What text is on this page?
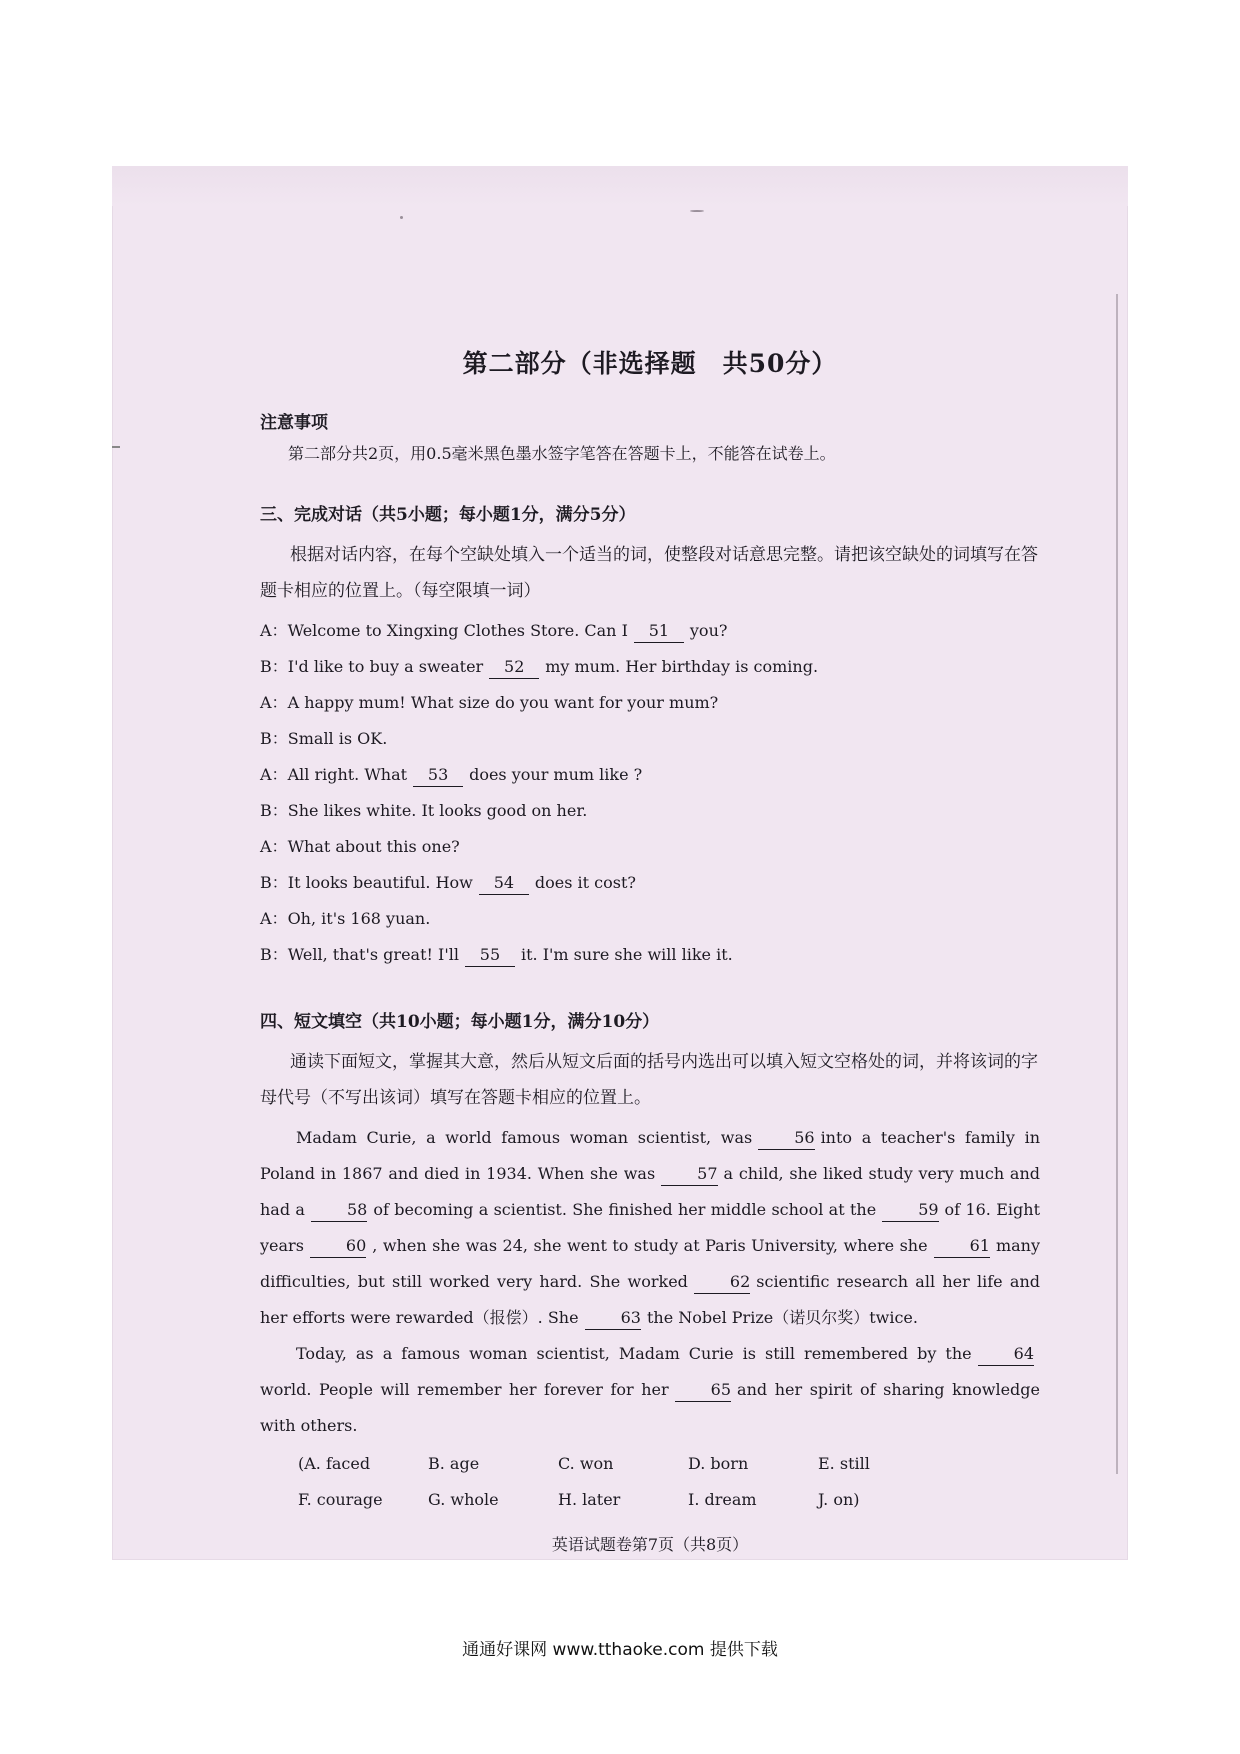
第二部分（非选择题　共50分）
注意事项
第二部分共2页，用0.5毫米黑色墨水签字笔答在答题卡上，不能答在试卷上。
三、完成对话（共5小题；每小题1分，满分5分）

根据对话内容，在每个空缺处填入一个适当的词，使整段对话意思完整。请把该空缺处的词填写在答题卡相应的位置上。（每空限填一词）

A：Welcome to Xingxing Clothes Store. Can I 51 you?

B：I'd like to buy a sweater 52 my mum. Her birthday is coming.

A：A happy mum! What size do you want for your mum?

B：Small is OK.

A：All right. What 53 does your mum like ?

B：She likes white. It looks good on her.

A：What about this one?

B：It looks beautiful. How 54 does it cost?

A：Oh, it's 168 yuan.

B：Well, that's great! I'll 55 it. I'm sure she will like it.

四、短文填空（共10小题；每小题1分，满分10分）

通读下面短文，掌握其大意，然后从短文后面的括号内选出可以填入短文空格处的词，并将该词的字母代号（不写出该词）填写在答题卡相应的位置上。

Madam Curie, a world famous woman scientist, was	56 into a teacher's family in Poland in 1867 and died in 1934. When she was	57 a child, she liked study very much and had a	58 of becoming a scientist. She finished her middle school at the	59 of 16. Eight years	60 , when she was 24, she went to study at Paris University, where she	61 many difficulties, but still worked very hard. She worked	62 scientific research all her life and her efforts were rewarded（报偿）. She	63 the Nobel Prize（诺贝尔奖）twice.

Today, as a famous woman scientist, Madam Curie is still remembered by the	64world. People will remember her forever for her	65 and her spirit of sharing knowledge with others.

(A. faced	B. age	C. won	D. born	E. still
F. courage	G. whole	H. later	I. dream	J. on)
英语试题卷第7页（共8页）
通通好课网 www.tthaoke.com 提供下载
